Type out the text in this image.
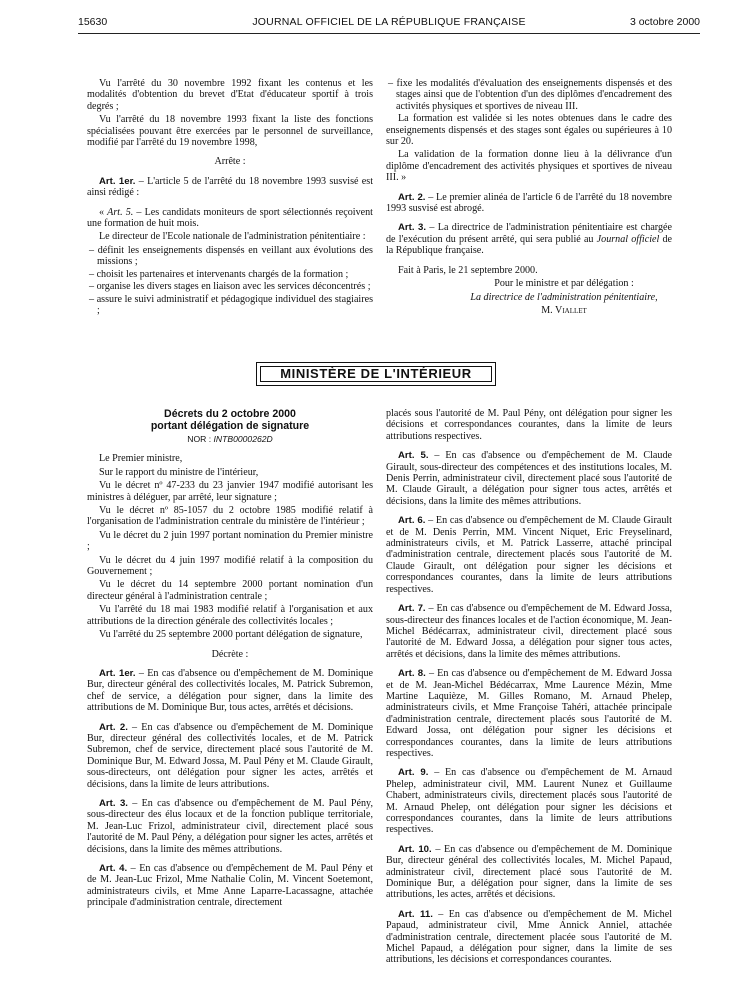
15630	JOURNAL OFFICIEL DE LA RÉPUBLIQUE FRANÇAISE	3 octobre 2000

Vu l'arrêté du 30 novembre 1992 fixant les contenus et les modalités d'obtention du brevet d'Etat d'éducateur sportif à trois degrés ;

Vu l'arrêté du 18 novembre 1993 fixant la liste des fonctions spécialisées pouvant être exercées par le personnel de surveillance, modifié par l'arrêté du 19 novembre 1998,

Arrête :

Art. 1er. – L'article 5 de l'arrêté du 18 novembre 1993 susvisé est ainsi rédigé :

« Art. 5. – Les candidats moniteurs de sport sélectionnés reçoivent une formation de huit mois.

Le directeur de l'Ecole nationale de l'administration pénitentiaire :

– définit les enseignements dispensés en veillant aux évolutions des missions ;

– choisit les partenaires et intervenants chargés de la formation ;

– organise les divers stages en liaison avec les services déconcentrés ;

– assure le suivi administratif et pédagogique individuel des stagiaires ;

– fixe les modalités d'évaluation des enseignements dispensés et des stages ainsi que de l'obtention d'un des diplômes d'encadrement des activités physiques et sportives de niveau III.

La formation est validée si les notes obtenues dans le cadre des enseignements dispensés et des stages sont égales ou supérieures à 10 sur 20.

La validation de la formation donne lieu à la délivrance d'un diplôme d'encadrement des activités physiques et sportives de niveau III. »

Art. 2. – Le premier alinéa de l'article 6 de l'arrêté du 18 novembre 1993 susvisé est abrogé.

Art. 3. – La directrice de l'administration pénitentiaire est chargée de l'exécution du présent arrêté, qui sera publié au Journal officiel de la République française.

Fait à Paris, le 21 septembre 2000.

Pour le ministre et par délégation :

La directrice de l'administration pénitentiaire,

M. Viallet

MINISTÈRE DE L'INTÉRIEUR
Décrets du 2 octobre 2000
portant délégation de signature
NOR : INTB0000262D

Le Premier ministre,

Sur le rapport du ministre de l'intérieur,

Vu le décret nº 47-233 du 23 janvier 1947 modifié autorisant les ministres à déléguer, par arrêté, leur signature ;

Vu le décret nº 85-1057 du 2 octobre 1985 modifié relatif à l'organisation de l'administration centrale du ministère de l'intérieur ;

Vu le décret du 2 juin 1997 portant nomination du Premier ministre ;

Vu le décret du 4 juin 1997 modifié relatif à la composition du Gouvernement ;

Vu le décret du 14 septembre 2000 portant nomination d'un directeur général à l'administration centrale ;

Vu l'arrêté du 18 mai 1983 modifié relatif à l'organisation et aux attributions de la direction générale des collectivités locales ;

Vu l'arrêté du 25 septembre 2000 portant délégation de signature,

Décrète :

Art. 1er. – En cas d'absence ou d'empêchement de M. Dominique Bur, directeur général des collectivités locales, M. Patrick Subremon, chef de service, a délégation pour signer, dans la limite des attributions de M. Dominique Bur, tous actes, arrêtés et décisions.

Art. 2. – En cas d'absence ou d'empêchement de M. Dominique Bur, directeur général des collectivités locales, et de M. Patrick Subremon, chef de service, directement placé sous l'autorité de M. Dominique Bur, M. Edward Jossa, M. Paul Pény et M. Claude Girault, sous-directeurs, ont délégation pour signer les actes, arrêtés et décisions, dans la limite de leurs attributions.

Art. 3. – En cas d'absence ou d'empêchement de M. Paul Pény, sous-directeur des élus locaux et de la fonction publique territoriale, M. Jean-Luc Frizol, administrateur civil, directement placé sous l'autorité de M. Paul Pény, a délégation pour signer les actes, arrêtés et décisions, dans la limite des mêmes attributions.

Art. 4. – En cas d'absence ou d'empêchement de M. Paul Pény et de M. Jean-Luc Frizol, Mme Nathalie Colin, M. Vincent Soetemont, administrateurs civils, et Mme Anne Laparre-Lacassagne, attachée principale d'administration centrale, directement

placés sous l'autorité de M. Paul Pény, ont délégation pour signer les décisions et correspondances courantes, dans la limite de leurs attributions respectives.

Art. 5. – En cas d'absence ou d'empêchement de M. Claude Girault, sous-directeur des compétences et des institutions locales, M. Denis Perrin, administrateur civil, directement placé sous l'autorité de M. Claude Girault, a délégation pour signer tous actes, arrêtés et décisions, dans la limite des mêmes attributions.

Art. 6. – En cas d'absence ou d'empêchement de M. Claude Girault et de M. Denis Perrin, MM. Vincent Niquet, Eric Freyselinard, administrateurs civils, et M. Patrick Lasserre, attaché principal d'administration centrale, directement placés sous l'autorité de M. Claude Girault, ont délégation pour signer les décisions et correspondances courantes, dans la limite de leurs attributions respectives.

Art. 7. – En cas d'absence ou d'empêchement de M. Edward Jossa, sous-directeur des finances locales et de l'action économique, M. Jean-Michel Bédécarrax, administrateur civil, directement placé sous l'autorité de M. Edward Jossa, a délégation pour signer tous actes, arrêtés et décisions, dans la limite des mêmes attributions.

Art. 8. – En cas d'absence ou d'empêchement de M. Edward Jossa et de M. Jean-Michel Bédécarrax, Mme Laurence Mézin, Mme Martine Laquièze, M. Gilles Romano, M. Arnaud Phelep, administrateurs civils, et Mme Françoise Tahéri, attachée principale d'administration centrale, directement placés sous l'autorité de M. Edward Jossa, ont délégation pour signer les décisions et correspondances courantes, dans la limite de leurs attributions respectives.

Art. 9. – En cas d'absence ou d'empêchement de M. Arnaud Phelep, administrateur civil, MM. Laurent Nunez et Guillaume Chabert, administrateurs civils, directement placés sous l'autorité de M. Arnaud Phelep, ont délégation pour signer les décisions et correspondances courantes, dans la limite de leurs attributions respectives.

Art. 10. – En cas d'absence ou d'empêchement de M. Dominique Bur, directeur général des collectivités locales, M. Michel Papaud, administrateur civil, directement placé sous l'autorité de M. Dominique Bur, a délégation pour signer, dans la limite de ses attributions, les actes, arrêtés et décisions.

Art. 11. – En cas d'absence ou d'empêchement de M. Michel Papaud, administrateur civil, Mme Annick Anniel, attachée d'administration centrale, directement placée sous l'autorité de M. Michel Papaud, a délégation pour signer, dans la limite de ses attributions, les décisions et correspondances courantes.
